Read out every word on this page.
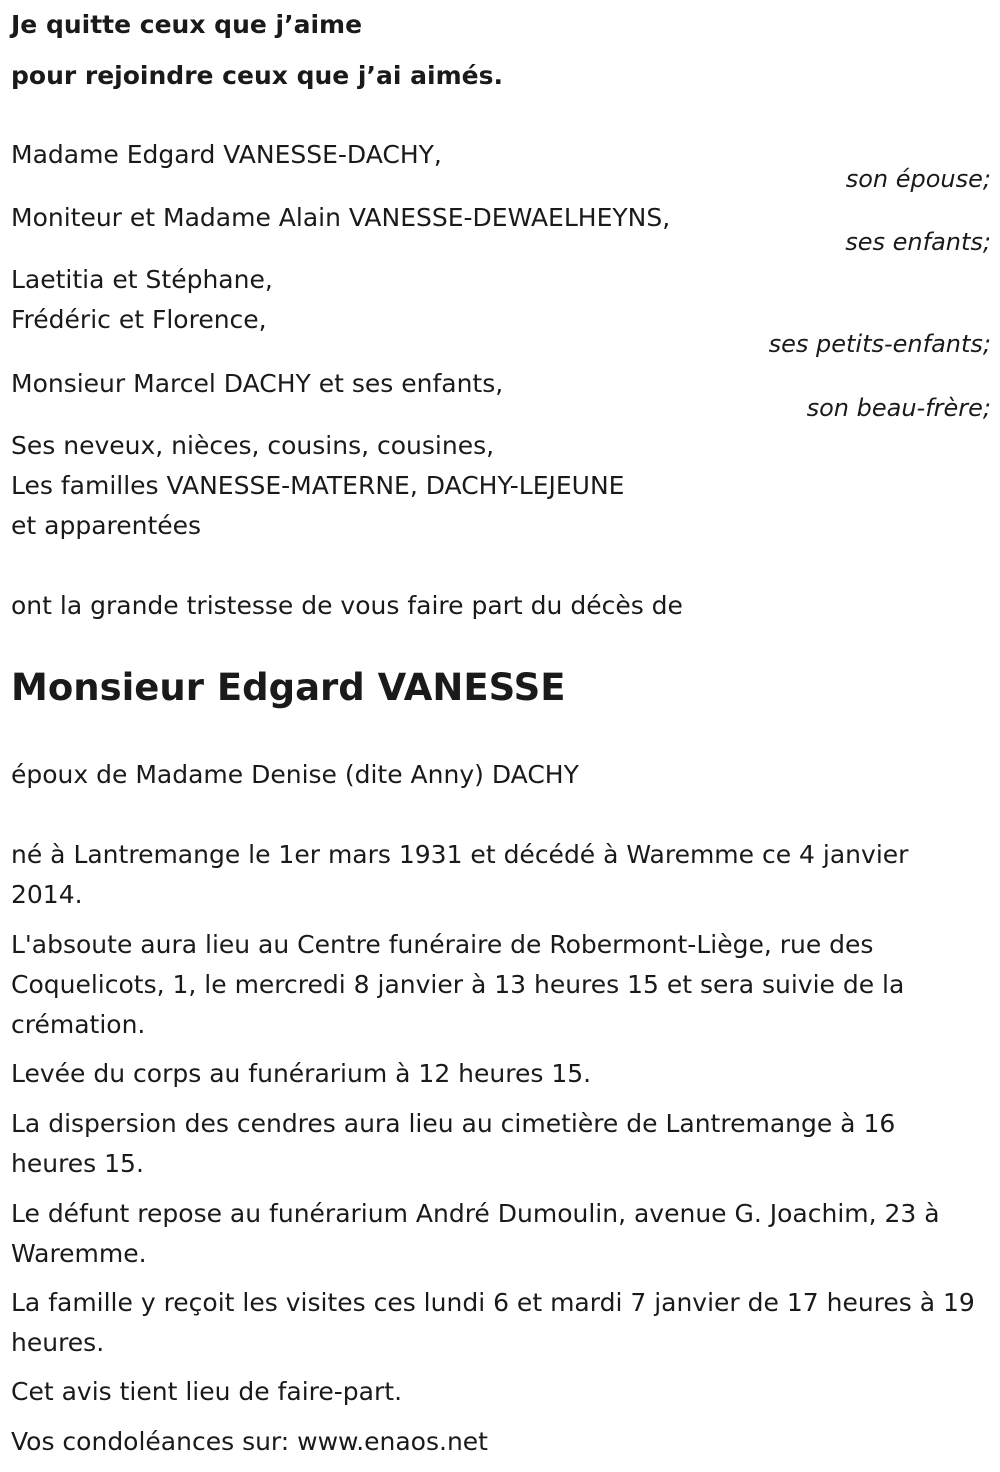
Je quitte ceux que j’aime
pour rejoindre ceux que j’ai aimés.
Madame Edgard VANESSE-DACHY,
son épouse;
Moniteur et Madame Alain VANESSE-DEWAELHEYNS,
ses enfants;
Laetitia et Stéphane,
Frédéric et Florence,
ses petits-enfants;
Monsieur Marcel DACHY et ses enfants,
son beau-frère;
Ses neveux, nièces, cousins, cousines,
Les familles VANESSE-MATERNE, DACHY-LEJEUNE
et apparentées
ont la grande tristesse de vous faire part du décès de
Monsieur Edgard VANESSE
époux de Madame Denise (dite Anny) DACHY
né à Lantremange le 1er mars 1931 et décédé à Waremme ce 4 janvier 2014.
L'absoute aura lieu au Centre funéraire de Robermont-Liège, rue des Coquelicots, 1, le mercredi 8 janvier à 13 heures 15 et sera suivie de la crémation.
Levée du corps au funérarium à 12 heures 15.
La dispersion des cendres aura lieu au cimetière de Lantremange à 16 heures 15.
Le défunt repose au funérarium André Dumoulin, avenue G. Joachim, 23 à Waremme.
La famille y reçoit les visites ces lundi 6 et mardi 7 janvier de 17 heures à 19 heures.
Cet avis tient lieu de faire-part.
Vos condoléances sur: www.enaos.net
